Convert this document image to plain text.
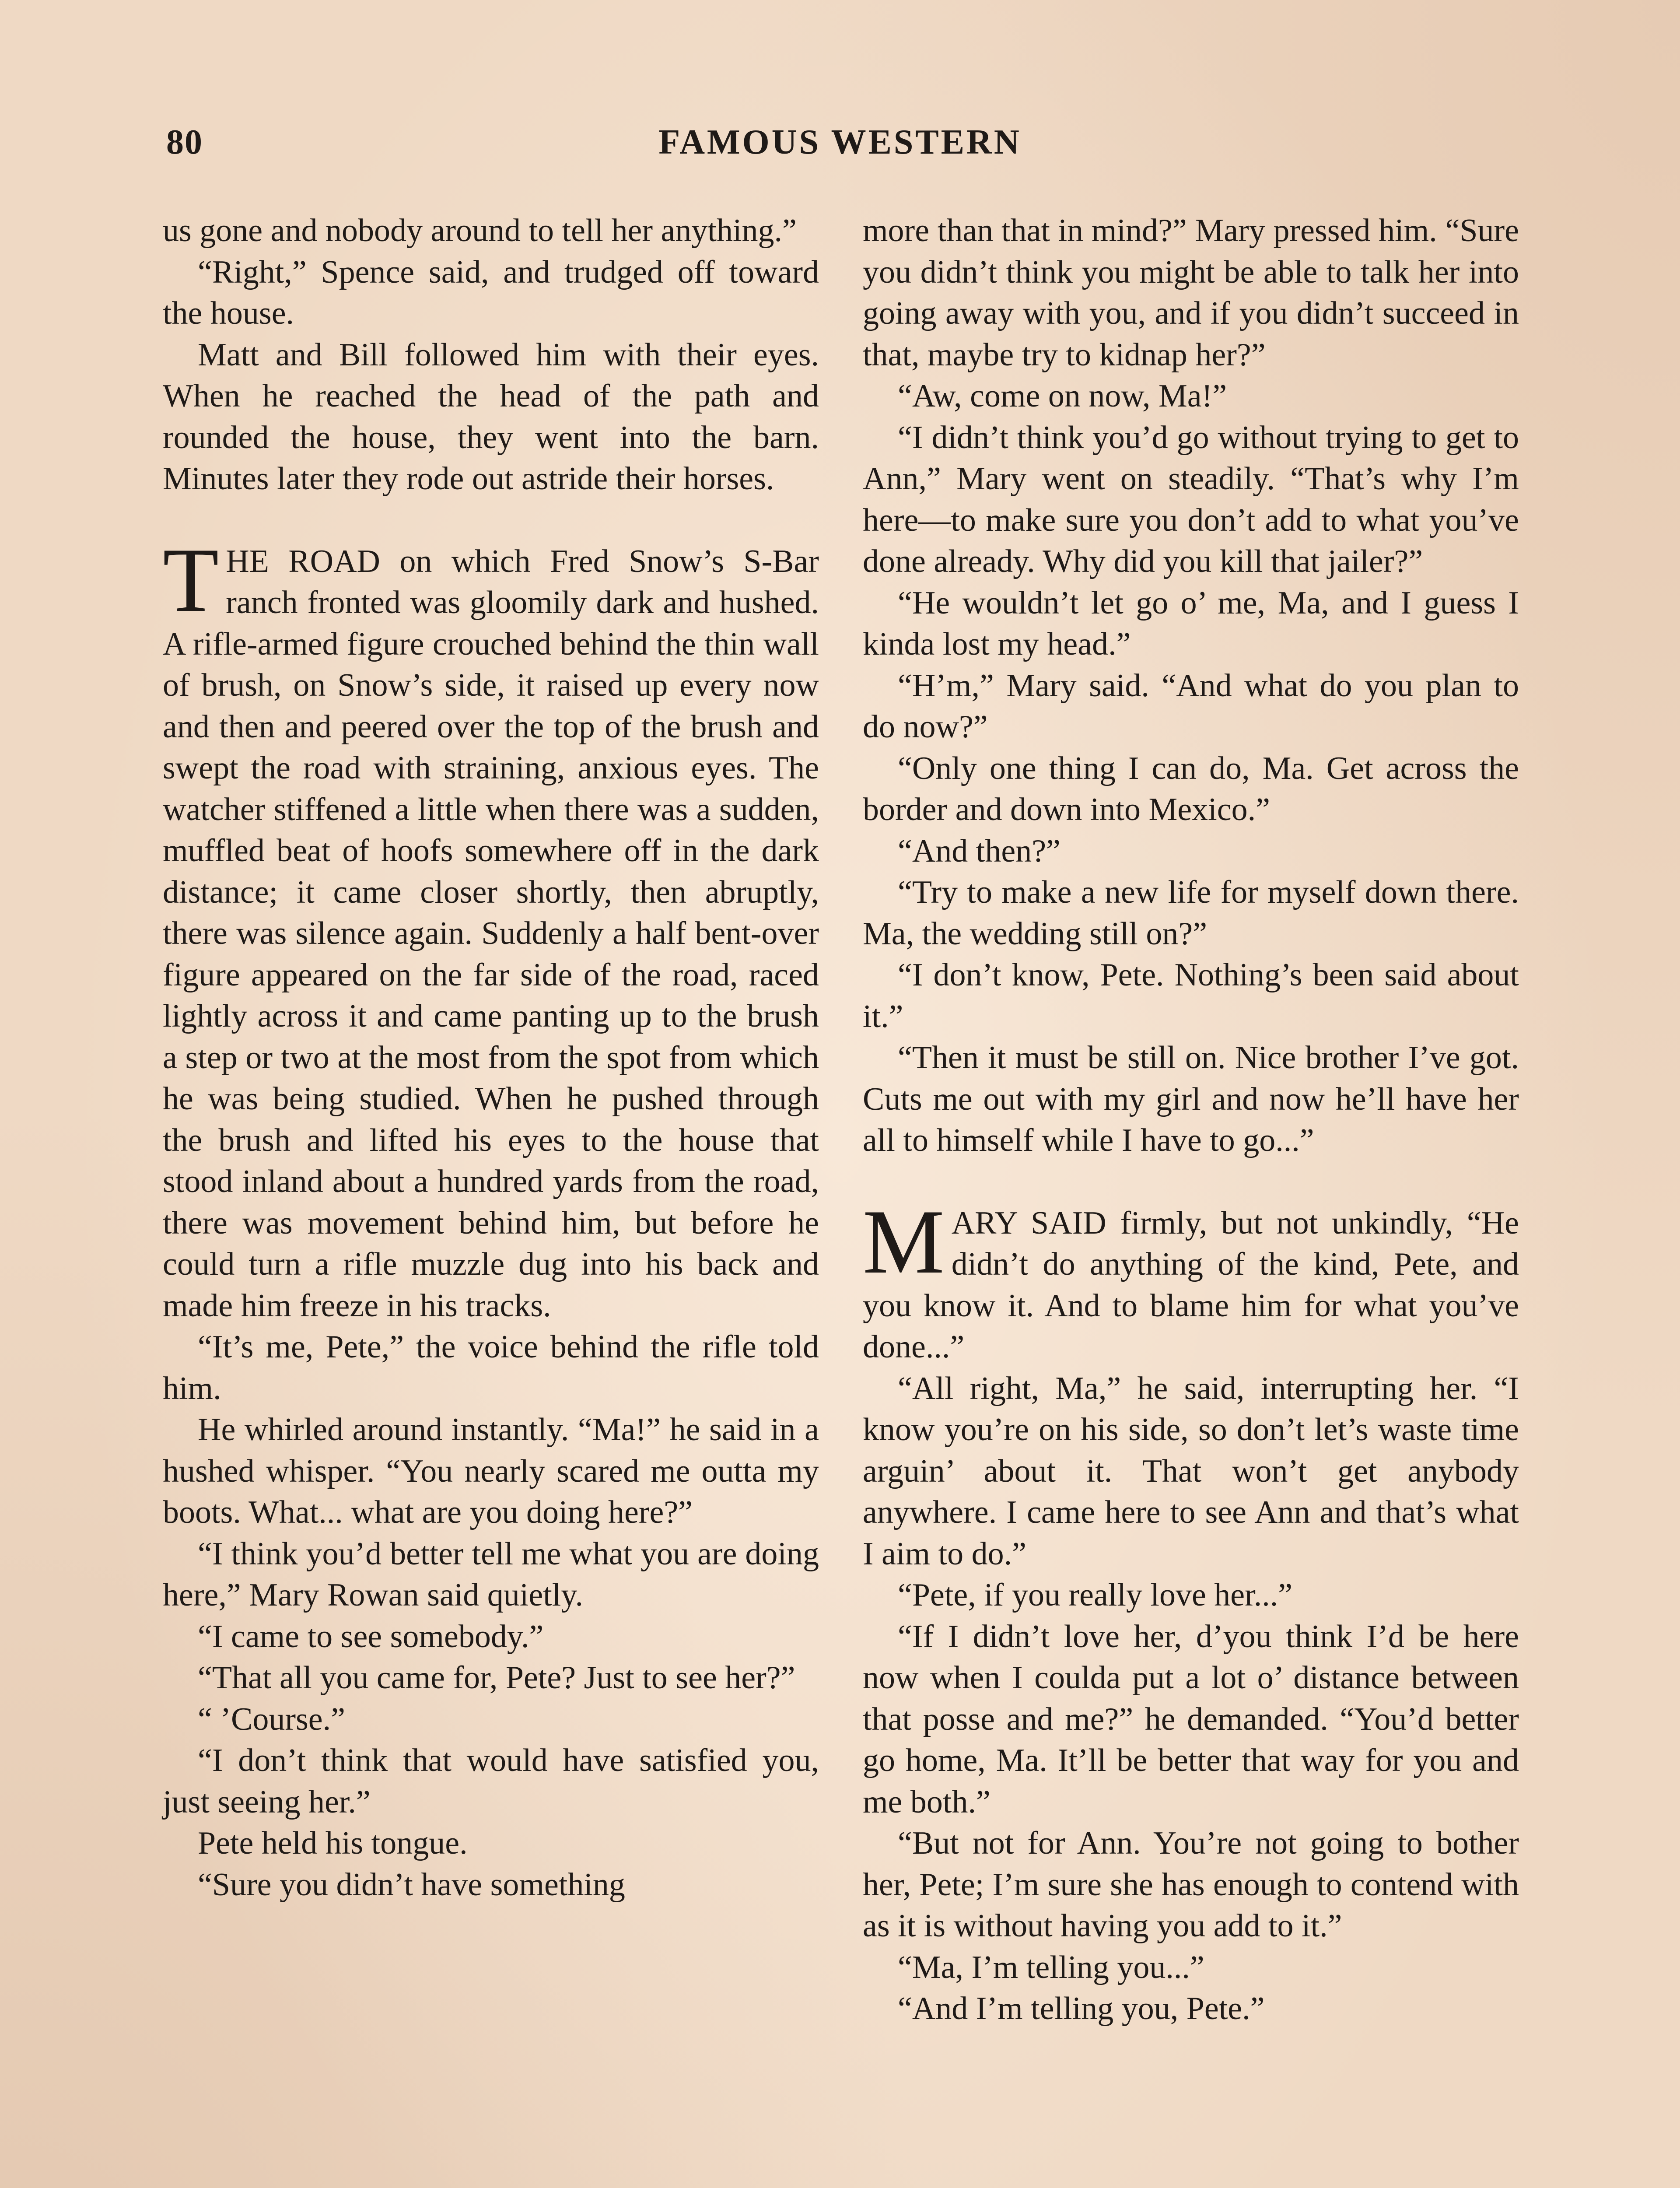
80	FAMOUS WESTERN

us gone and nobody around to tell her anything.”

“Right,” Spence said, and trudged off toward the house.

Matt and Bill followed him with their eyes. When he reached the head of the path and rounded the house, they went into the barn. Minutes later they rode out astride their horses.

THE ROAD on which Fred Snow’s S-Bar ranch fronted was gloomily dark and hushed. A rifle-armed figure crouched behind the thin wall of brush, on Snow’s side, it raised up every now and then and peered over the top of the brush and swept the road with straining, anxious eyes. The watcher stiffened a little when there was a sudden, muffled beat of hoofs somewhere off in the dark distance; it came closer shortly, then abruptly, there was silence again. Suddenly a half bent-over figure appeared on the far side of the road, raced lightly across it and came panting up to the brush a step or two at the most from the spot from which he was being studied. When he pushed through the brush and lifted his eyes to the house that stood inland about a hundred yards from the road, there was movement behind him, but before he could turn a rifle muzzle dug into his back and made him freeze in his tracks.

“It’s me, Pete,” the voice behind the rifle told him.

He whirled around instantly. “Ma!” he said in a hushed whisper. “You nearly scared me outta my boots. What... what are you doing here?”

“I think you’d better tell me what you are doing here,” Mary Rowan said quietly.

“I came to see somebody.”

“That all you came for, Pete? Just to see her?”

“ ’Course.”

“I don’t think that would have satisfied you, just seeing her.”

Pete held his tongue.

“Sure you didn’t have something

more than that in mind?” Mary pressed him. “Sure you didn’t think you might be able to talk her into going away with you, and if you didn’t succeed in that, maybe try to kidnap her?”

“Aw, come on now, Ma!”

“I didn’t think you’d go without trying to get to Ann,” Mary went on steadily. “That’s why I’m here—to make sure you don’t add to what you’ve done already. Why did you kill that jailer?”

“He wouldn’t let go o’ me, Ma, and I guess I kinda lost my head.”

“H’m,” Mary said. “And what do you plan to do now?”

“Only one thing I can do, Ma. Get across the border and down into Mexico.”

“And then?”

“Try to make a new life for myself down there. Ma, the wedding still on?”

“I don’t know, Pete. Nothing’s been said about it.”

“Then it must be still on. Nice brother I’ve got. Cuts me out with my girl and now he’ll have her all to himself while I have to go...”

MARY SAID firmly, but not unkindly, “He didn’t do anything of the kind, Pete, and you know it. And to blame him for what you’ve done...”

“All right, Ma,” he said, interrupting her. “I know you’re on his side, so don’t let’s waste time arguin’ about it. That won’t get anybody anywhere. I came here to see Ann and that’s what I aim to do.”

“Pete, if you really love her...”

“If I didn’t love her, d’you think I’d be here now when I coulda put a lot o’ distance between that posse and me?” he demanded. “You’d better go home, Ma. It’ll be better that way for you and me both.”

“But not for Ann. You’re not going to bother her, Pete; I’m sure she has enough to contend with as it is without having you add to it.”

“Ma, I’m telling you...”

“And I’m telling you, Pete.”
